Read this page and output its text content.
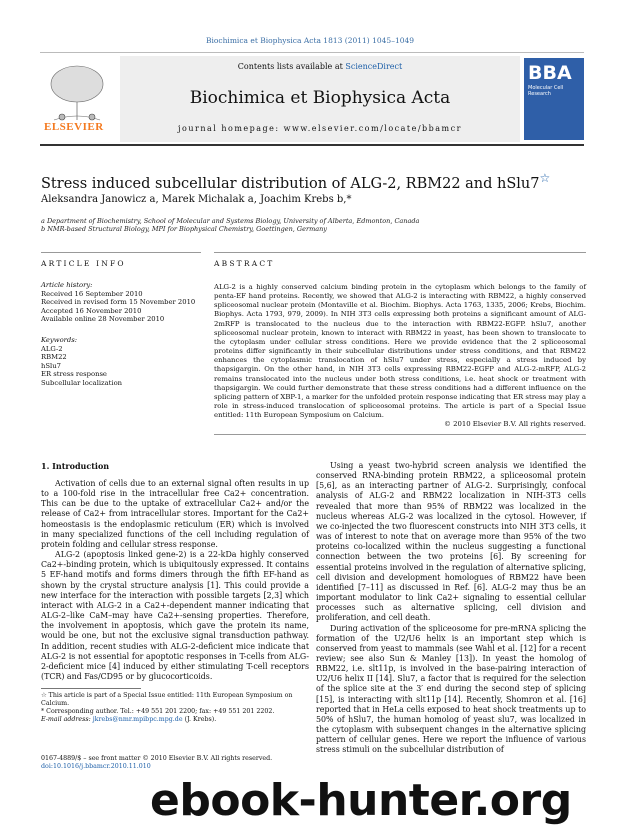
Biochimica et Biophysica Acta 1813 (2011) 1045–1049
ELSEVIER
Contents lists available at ScienceDirect
Biochimica et Biophysica Acta
journal homepage: www.elsevier.com/locate/bbamcr
BBA
Molecular Cell Research
Stress induced subcellular distribution of ALG-2, RBM22 and hSlu7☆
Aleksandra Janowicz a, Marek Michalak a, Joachim Krebs b,*
a Department of Biochemistry, School of Molecular and Systems Biology, University of Alberta, Edmonton, Canada
b NMR-based Structural Biology, MPI for Biophysical Chemistry, Goettingen, Germany
ARTICLE INFO	ABSTRACT
Article history:
Received 16 September 2010
Received in revised form 15 November 2010
Accepted 16 November 2010
Available online 28 November 2010
Keywords:
ALG-2
RBM22
hSlu7
ER stress response
Subcellular localization
ALG-2 is a highly conserved calcium binding protein in the cytoplasm which belongs to the family of penta-EF hand proteins. Recently, we showed that ALG-2 is interacting with RBM22, a highly conserved spliceosomal nuclear protein (Montaville et al. Biochim. Biophys. Acta 1763, 1335, 2006; Krebs, Biochim. Biophys. Acta 1793, 979, 2009). In NIH 3T3 cells expressing both proteins a significant amount of ALG-2mRFP is translocated to the nucleus due to the interaction with RBM22-EGFP. hSlu7, another spliceosomal nuclear protein, known to interact with RBM22 in yeast, has been shown to translocate to the cytoplasm under cellular stress conditions. Here we provide evidence that the 2 spliceosomal proteins differ significantly in their subcellular distributions under stress conditions, and that RBM22 enhances the cytoplasmic translocation of hSlu7 under stress, especially a stress induced by thapsigargin. On the other hand, in NIH 3T3 cells expressing RBM22-EGFP and ALG-2-mRFP, ALG-2 remains translocated into the nucleus under both stress conditions, i.e. heat shock or treatment with thapsigargin. We could further demonstrate that these stress conditions had a different influence on the splicing pattern of XBP-1, a marker for the unfolded protein response indicating that ER stress may play a role in stress-induced translocation of spliceosomal proteins. The article is part of a Special Issue entitled: 11th European Symposium on Calcium.
© 2010 Elsevier B.V. All rights reserved.
1. Introduction

Activation of cells due to an external signal often results in up to a 100-fold rise in the intracellular free Ca2+ concentration. This can be due to the uptake of extracellular Ca2+ and/or the release of Ca2+ from intracellular stores. Important for the Ca2+ homeostasis is the endoplasmic reticulum (ER) which is involved in many specialized functions of the cell including regulation of protein folding and cellular stress response.

ALG-2 (apoptosis linked gene-2) is a 22-kDa highly conserved Ca2+-binding protein, which is ubiquitously expressed. It contains 5 EF-hand motifs and forms dimers through the fifth EF-hand as shown by the crystal structure analysis [1]. This could provide a new interface for the interaction with possible targets [2,3] which interact with ALG-2 in a Ca2+-dependent manner indicating that ALG-2–like CaM–may have Ca2+-sensing properties. Therefore, the involvement in apoptosis, which gave the protein its name, would be one, but not the exclusive signal transduction pathway. In addition, recent studies with ALG-2-deficient mice indicate that ALG-2 is not essential for apoptotic responses in T-cells from ALG-2-deficient mice [4] induced by either stimulating T-cell receptors (TCR) and Fas/CD95 or by glucocorticoids.

Using a yeast two-hybrid screen analysis we identified the conserved RNA-binding protein RBM22, a spliceosomal protein [5,6], as an interacting partner of ALG-2. Surprisingly, confocal analysis of ALG-2 and RBM22 localization in NIH-3T3 cells revealed that more than 95% of RBM22 was localized in the nucleus whereas ALG-2 was localized in the cytosol. However, if we co-injected the two fluorescent constructs into NIH 3T3 cells, it was of interest to note that on average more than 95% of the two proteins co-localized within the nucleus suggesting a functional connection between the two proteins [6]. By screening for essential proteins involved in the regulation of alternative splicing, cell division and development homologues of RBM22 have been identified [7–11] as discussed in Ref. [6]. ALG-2 may thus be an important modulator to link Ca2+ signaling to essential cellular processes such as alternative splicing, cell division and proliferation, and cell death.

During activation of the spliceosome for pre-mRNA splicing the formation of the U2/U6 helix is an important step which is conserved from yeast to mammals (see Wahl et al. [12] for a recent review; see also Sun & Manley [13]). In yeast the homolog of RBM22, i.e. slt11p, is involved in the base-pairing interaction of U2/U6 helix II [14]. Slu7, a factor that is required for the selection of the splice site at the 3′ end during the second step of splicing [15], is interacting with slt11p [14]. Recently, Shomron et al. [16] reported that in HeLa cells exposed to heat shock treatments up to 50% of hSlu7, the human homolog of yeast slu7, was localized in the cytoplasm with subsequent changes in the alternative splicing pattern of cellular genes. Here we report the influence of various stress stimuli on the subcellular distribution of

☆ This article is part of a Special Issue entitled: 11th European Symposium on Calcium.
* Corresponding author. Tel.: +49 551 201 2200; fax: +49 551 201 2202.
E-mail address: jkrebs@nmr.mpibpc.mpg.de (J. Krebs).
0167-4889/$ – see front matter © 2010 Elsevier B.V. All rights reserved.
doi:10.1016/j.bbamcr.2010.11.010
ebook-hunter.org
